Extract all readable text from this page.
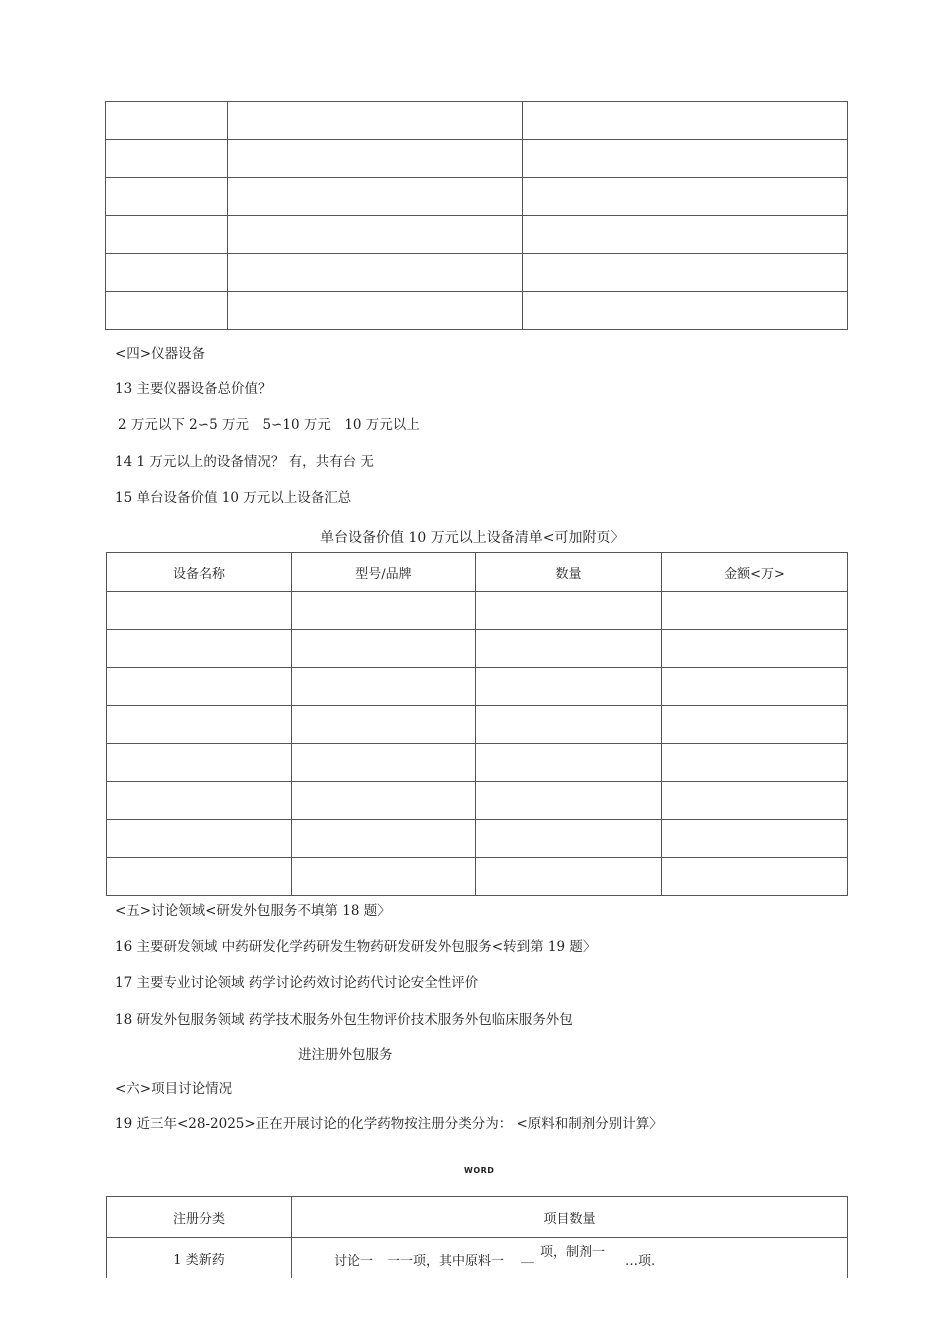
<四>仪器设备
13 主要仪器设备总价值？
2 万元以下 2∽5 万元　5∽10 万元　10 万元以上
14 1 万元以上的设备情况？ 有，共有台 无
15 单台设备价值 10 万元以上设备汇总
单台设备价值 10 万元以上设备清单<可加附页〉
设备名称	型号/品牌	数量	金额<万>

<五>讨论领域<研发外包服务不填第 18 题〉
16 主要研发领域 中药研发化学药研发生物药研发研发外包服务<转到第 19 题〉
17 主要专业讨论领域 药学讨论药效讨论药代讨论安全性评价
18 研发外包服务领域 药学技术服务外包生物评价技术服务外包临床服务外包
进注册外包服务
<六>项目讨论情况
19 近三年<28-2025>正在开展讨论的化学药物按注册分类分为： <原料和制剂分别计算〉
WORD
注册分类	项目数量
1 类新药	讨论一 一一项，其中原料一 __ 项，制剂一
…项.
